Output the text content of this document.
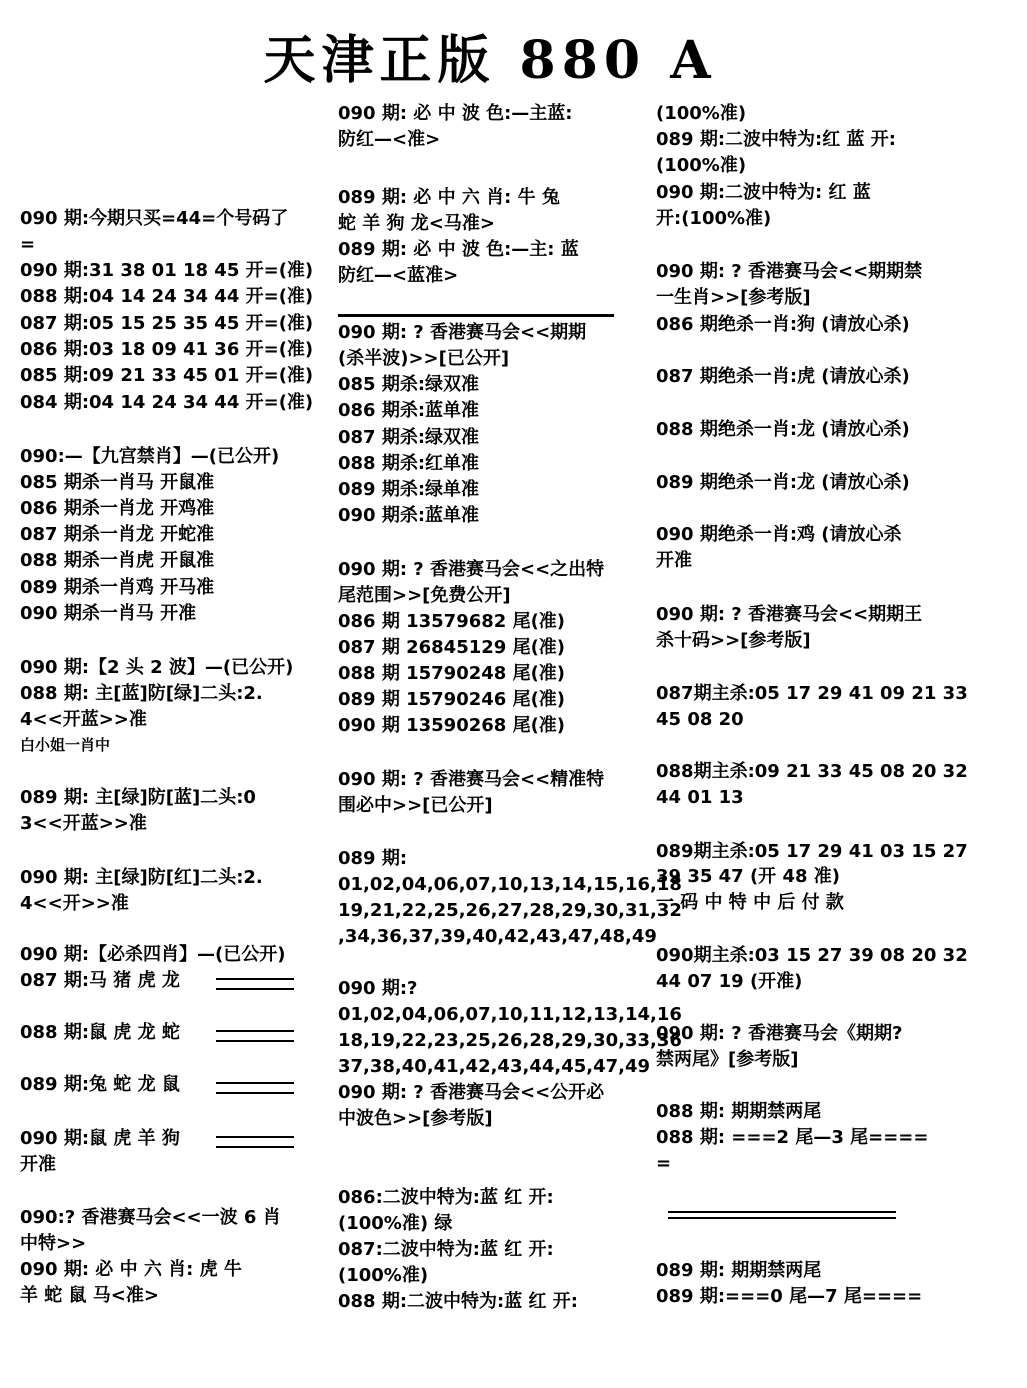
天津正版 880 A
090 期:今期只买=44=个号码了
=
090 期:31 38 01 18 45 开=(准)
088 期:04 14 24 34 44 开=(准)
087 期:05 15 25 35 45 开=(准)
086 期:03 18 09 41 36 开=(准)
085 期:09 21 33 45 01 开=(准)
084 期:04 14 24 34 44 开=(准)
090:—【九宫禁肖】—(已公开)
085 期杀一肖马 开鼠准
086 期杀一肖龙 开鸡准
087 期杀一肖龙 开蛇准
088 期杀一肖虎 开鼠准
089 期杀一肖鸡 开马准
090 期杀一肖马 开准
090 期:【2 头 2 波】—(已公开)
088 期: 主[蓝]防[绿]二头:2.
4<<开蓝>>准
白小姐一肖中
089 期: 主[绿]防[蓝]二头:0
3<<开蓝>>准
090 期: 主[绿]防[红]二头:2.
4<<开>>准
090 期:【必杀四肖】—(已公开)
087 期:马 猪 虎 龙
088 期:鼠 虎 龙 蛇
089 期:兔 蛇 龙 鼠
090 期:鼠 虎 羊 狗
开准
090:? 香港赛马会<<一波 6 肖
中特>>
090 期: 必 中 六 肖: 虎 牛
羊 蛇 鼠 马<准>
090 期: 必 中 波 色:—主蓝:
防红—<准>
089 期: 必 中 六 肖: 牛 兔
蛇 羊 狗 龙<马准>
089 期: 必 中 波 色:—主: 蓝
防红—<蓝准>
090 期: ? 香港赛马会<<期期
(杀半波)>>[已公开]
085 期杀:绿双准
086 期杀:蓝单准
087 期杀:绿双准
088 期杀:红单准
089 期杀:绿单准
090 期杀:蓝单准
090 期: ? 香港赛马会<<之出特
尾范围>>[免费公开]
086 期 13579682 尾(准)
087 期 26845129 尾(准)
088 期 15790248 尾(准)
089 期 15790246 尾(准)
090 期 13590268 尾(准)
090 期: ? 香港赛马会<<精准特
围必中>>[已公开]
089 期:
01,02,04,06,07,10,13,14,15,16,18
19,21,22,25,26,27,28,29,30,31,32
,34,36,37,39,40,42,43,47,48,49
090 期:?
01,02,04,06,07,10,11,12,13,14,16
18,19,22,23,25,26,28,29,30,33,36
37,38,40,41,42,43,44,45,47,49
090 期: ? 香港赛马会<<公开必
中波色>>[参考版]
086:二波中特为:蓝 红 开:
(100%准) 绿
087:二波中特为:蓝 红 开:
(100%准)
088 期:二波中特为:蓝 红 开:
(100%准)
089 期:二波中特为:红 蓝 开:
(100%准)
090 期:二波中特为: 红 蓝
开:(100%准)
090 期: ? 香港赛马会<<期期禁
一生肖>>[参考版]
086 期绝杀一肖:狗 (请放心杀)
087 期绝杀一肖:虎 (请放心杀)
088 期绝杀一肖:龙 (请放心杀)
089 期绝杀一肖:龙 (请放心杀)
090 期绝杀一肖:鸡 (请放心杀
开准
090 期: ? 香港赛马会<<期期王
杀十码>>[参考版]
087期主杀:05 17 29 41 09 21 33
45 08 20
088期主杀:09 21 33 45 08 20 32
44 01 13
089期主杀:05 17 29 41 03 15 27
39 35 47 (开 48 准)
一 码 中 特 中 后 付 款
090期主杀:03 15 27 39 08 20 32
44 07 19 (开准)
090 期: ? 香港赛马会《期期?
禁两尾》[参考版]
088 期: 期期禁两尾
088 期: ===2 尾—3 尾====
=
089 期: 期期禁两尾
089 期:===0 尾—7 尾====
